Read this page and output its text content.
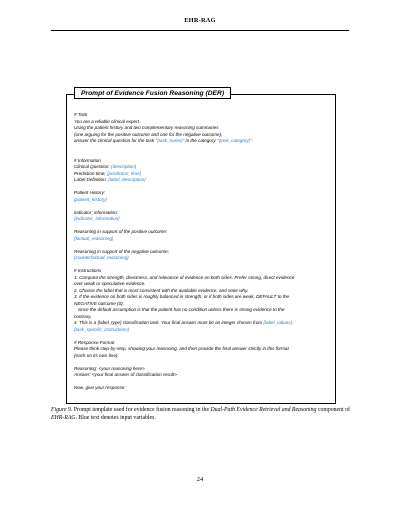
EHR-RAG
Prompt of Evidence Fusion Reasoning (DER)
# Task
You are a reliable clinical expert.
Using the patient history and two complementary reasoning summaries
(one arguing for the positive outcome and one for the negative outcome),
answer the clinical question for the task "{task_name}" in the category "{task_category}".
# Information
Clinical Question: {description}
Prediction time: {prediction_time}
Label Definition: {label_description}
Patient History:
{patient_history}
indicator_information:
{indicator_information}
Reasoning in support of the positive outcome:
{factual_reasoning}
Reasoning in support of the negative outcome:
{counterfactual_reasoning}
# Instructions
1. Compare the strength, directness, and relevance of evidence on both sides. Prefer strong, direct evidence
over weak or speculative evidence.
2. Choose the label that is most consistent with the available evidence, and state why.
3. If the evidence on both sides is roughly balanced in strength, or if both sides are weak, DEFAULT to the
NEGATIVE outcome (0),
since the default assumption is that the patient has no condition unless there is strong evidence to the
contrary.
4. This is a {label_type} classification task. Your final answer must be an integer chosen from {label_values}.
{task_specific_instructions}
# Response Format
Please think step-by-step, showing your reasoning, and then provide the final answer strictly in this format
(each on its own line):
Reasoning: <your reasoning here>
Answer: <your final answer of classification result>
Now, give your response:
Figure 9. Prompt template used for evidence fusion reasoning in the Dual-Path Evidence Retrieval and Reasoning component of EHR-RAG. Blue text denotes input variables.
24
